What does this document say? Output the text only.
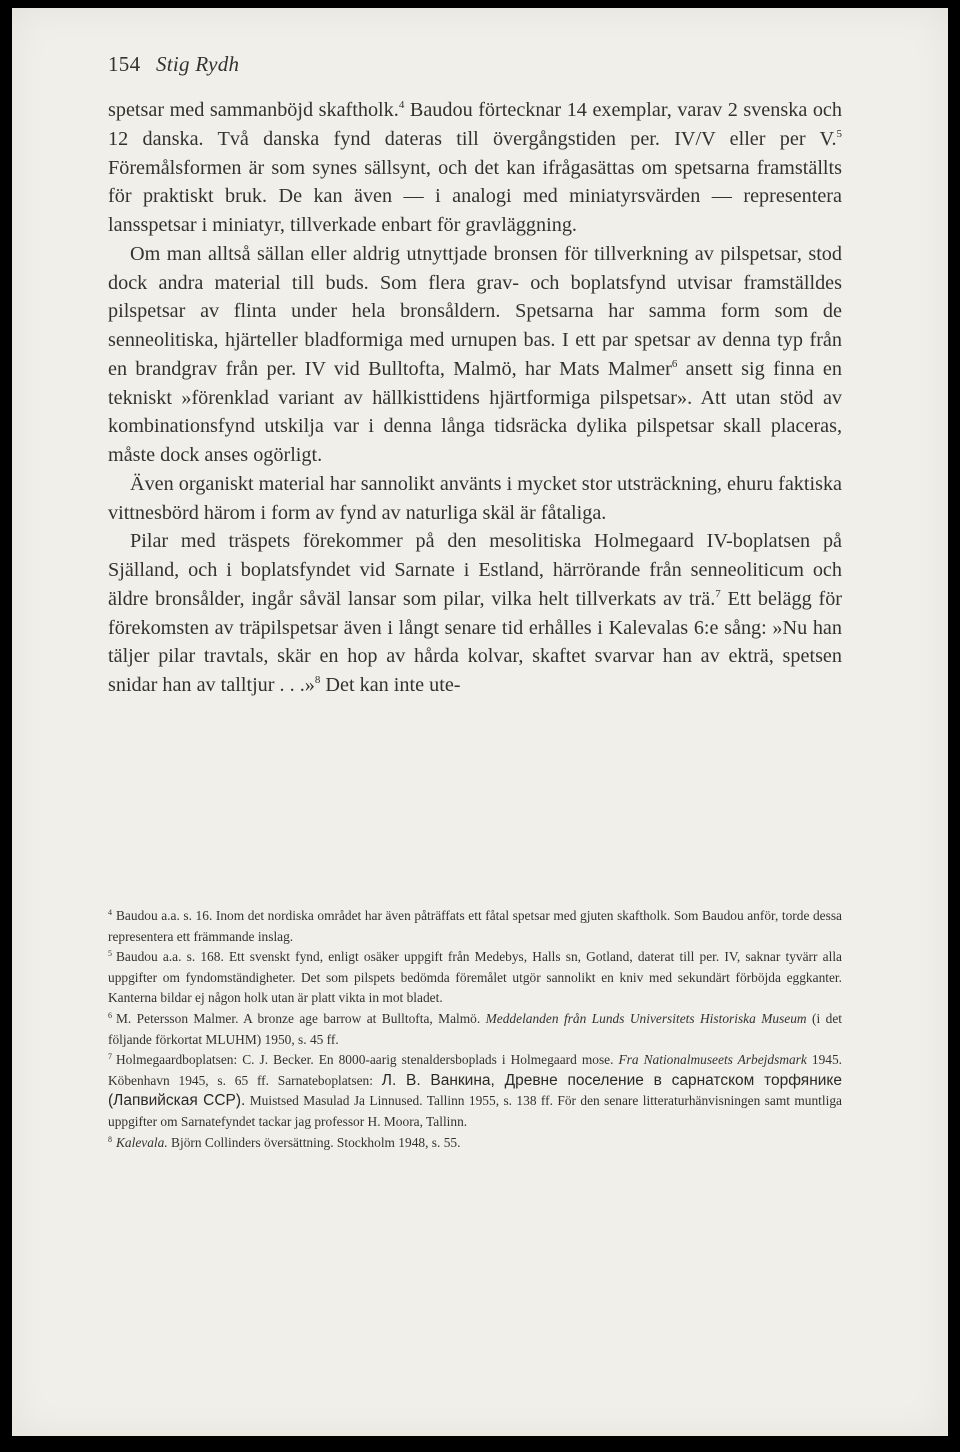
154 Stig Rydh

spetsar med sammanböjd skaftholk.$^4$ Baudou förtecknar 14 exemplar, varav 2 svenska och 12 danska. Två danska fynd dateras till övergångstiden per. IV/V eller per V.$^5$ Föremålsformen är som synes sällsynt, och det kan ifrågasättas om spetsarna framställts för praktiskt bruk. De kan även — i analogi med miniatyrsvärden — representera lansspetsar i miniatyr, tillverkade enbart för gravläggning.

Om man alltså sällan eller aldrig utnyttjade bronsen för tillverkning av pilspetsar, stod dock andra material till buds. Som flera grav- och boplatsfynd utvisar framställdes pilspetsar av flinta under hela bronsåldern. Spetsarna har samma form som de senneolitiska, hjärteller bladformiga med urnupen bas. I ett par spetsar av denna typ från en brandgrav från per. IV vid Bulltofta, Malmö, har Mats Malmer$^6$ ansett sig finna en tekniskt »förenklad variant av hällkisttidens hjärtformiga pilspetsar». Att utan stöd av kombinationsfynd utskilja var i denna långa tidsräcka dylika pilspetsar skall placeras, måste dock anses ogörligt.

Även organiskt material har sannolikt använts i mycket stor utsträckning, ehuru faktiska vittnesbörd härom i form av fynd av naturliga skäl är fåtaliga.

Pilar med träspets förekommer på den mesolitiska Holmegaard IV-boplatsen på Själland, och i boplatsfyndet vid Sarnate i Estland, härrörande från senneoliticum och äldre bronsålder, ingår såväl lansar som pilar, vilka helt tillverkats av trä.$^7$ Ett belägg för förekomsten av träpilspetsar även i långt senare tid erhålles i Kalevalas 6:e sång: »Nu han täljer pilar travtals, skär en hop av hårda kolvar, skaftet svarvar han av ekträ, spetsen snidar han av talltjur . . .»$^8$ Det kan inte ute-

$^4$ Baudou a.a. s. 16. Inom det nordiska området har även påträffats ett fåtal spetsar med gjuten skaftholk. Som Baudou anför, torde dessa representera ett främmande inslag.

$^5$ Baudou a.a. s. 168. Ett svenskt fynd, enligt osäker uppgift från Medebys, Halls sn, Gotland, daterat till per. IV, saknar tyvärr alla uppgifter om fyndomständigheter. Det som pilspets bedömda föremålet utgör sannolikt en kniv med sekundärt förböjda eggkanter. Kanterna bildar ej någon holk utan är platt vikta in mot bladet.

$^6$ M. Petersson Malmer. A bronze age barrow at Bulltofta, Malmö. Meddelanden från Lunds Universitets Historiska Museum (i det följande förkortat MLUHM) 1950, s. 45 ff.

$^7$ Holmegaardboplatsen: C. J. Becker. En 8000-aarig stenaldersboplads i Holmegaard mose. Fra Nationalmuseets Arbejdsmark 1945. Köbenhavn 1945, s. 65 ff. Sarnateboplatsen: Л. В. Ванкина, Древне поселение в сарнатском торфянике (Лапвийская ССР). Muistsed Masulad Ja Linnused. Tallinn 1955, s. 138 ff. För den senare litteraturhänvisningen samt muntliga uppgifter om Sarnatefyndet tackar jag professor H. Moora, Tallinn.

$^8$ Kalevala. Björn Collinders översättning. Stockholm 1948, s. 55.
